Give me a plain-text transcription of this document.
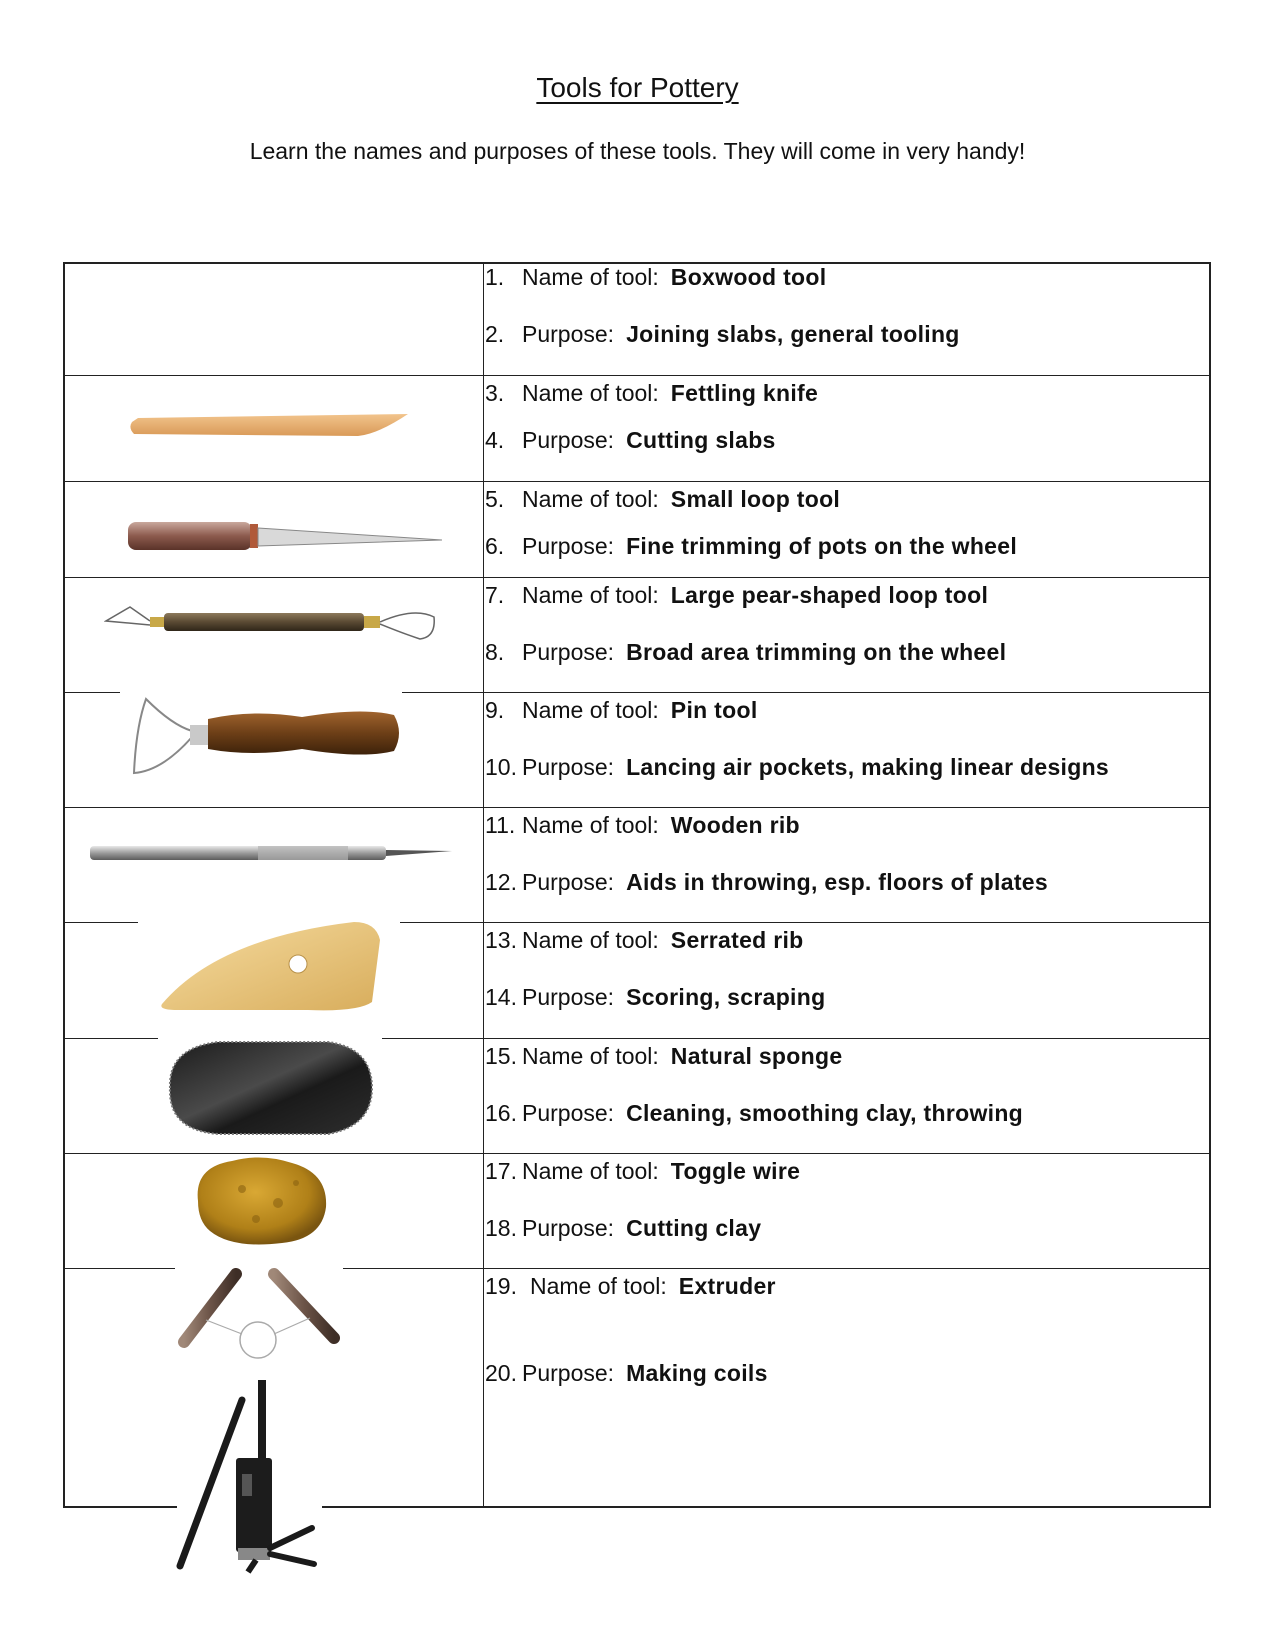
Tools for Pottery
Learn the names and purposes of these tools. They will come in very handy!
1. Name of tool: Boxwood tool
2. Purpose: Joining slabs, general tooling
3. Name of tool: Fettling knife
4. Purpose: Cutting slabs
5. Name of tool: Small loop tool
6. Purpose: Fine trimming of pots on the wheel
7. Name of tool: Large pear-shaped loop tool
8. Purpose: Broad area trimming on the wheel
9. Name of tool: Pin tool
10. Purpose: Lancing air pockets, making linear designs
11. Name of tool: Wooden rib
12. Purpose: Aids in throwing, esp. floors of plates
13. Name of tool: Serrated rib
14. Purpose: Scoring, scraping
15. Name of tool: Natural sponge
16. Purpose: Cleaning, smoothing clay, throwing
17. Name of tool: Toggle wire
18. Purpose: Cutting clay
19. Name of tool: Extruder
20. Purpose: Making coils
